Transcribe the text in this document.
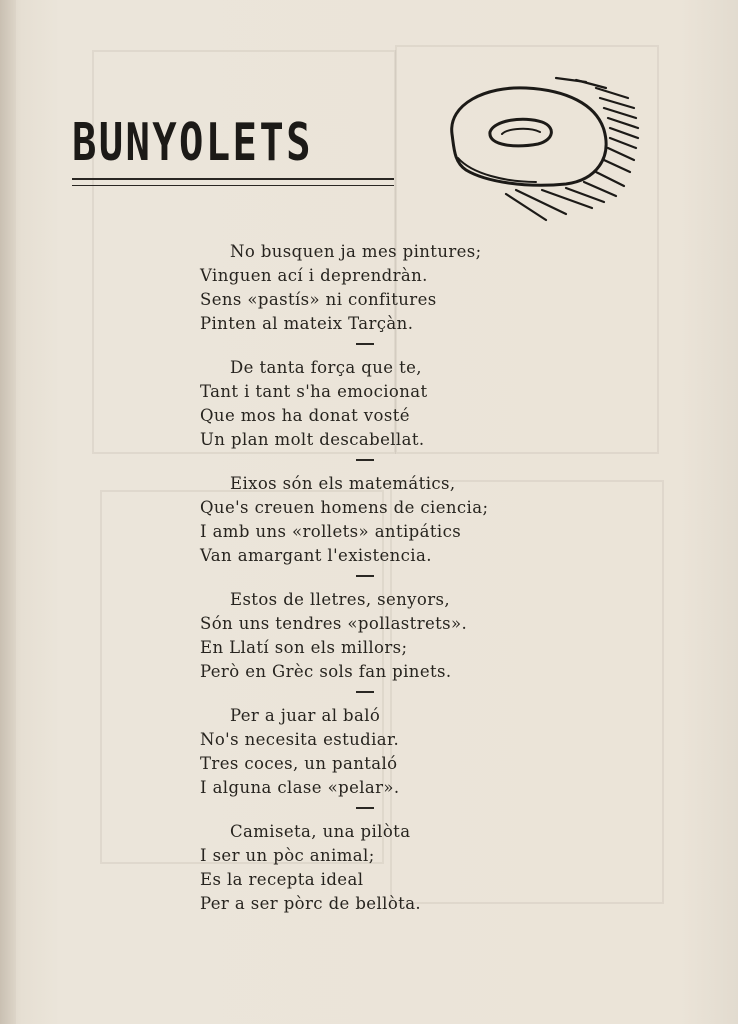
BUNYOLETS
No busquen ja mes pintures;
Vinguen ací i deprendràn.
Sens «pastís» ni confitures
Pinten al mateix Tarçàn.
De tanta força que te,
Tant i tant s'ha emocionat
Que mos ha donat vosté
Un plan molt descabellat.
Eixos són els matemátics,
Que's creuen homens de ciencia;
I amb uns «rollets» antipátics
Van amargant l'existencia.
Estos de lletres, senyors,
Són uns tendres «pollastrets».
En Llatí son els millors;
Però en Grèc sols fan pinets.
Per a juar al baló
No's necesita estudiar.
Tres coces, un pantaló
I alguna clase «pelar».
Camiseta, una pilòta
I ser un pòc animal;
Es la recepta ideal
Per a ser pòrc de bellòta.
